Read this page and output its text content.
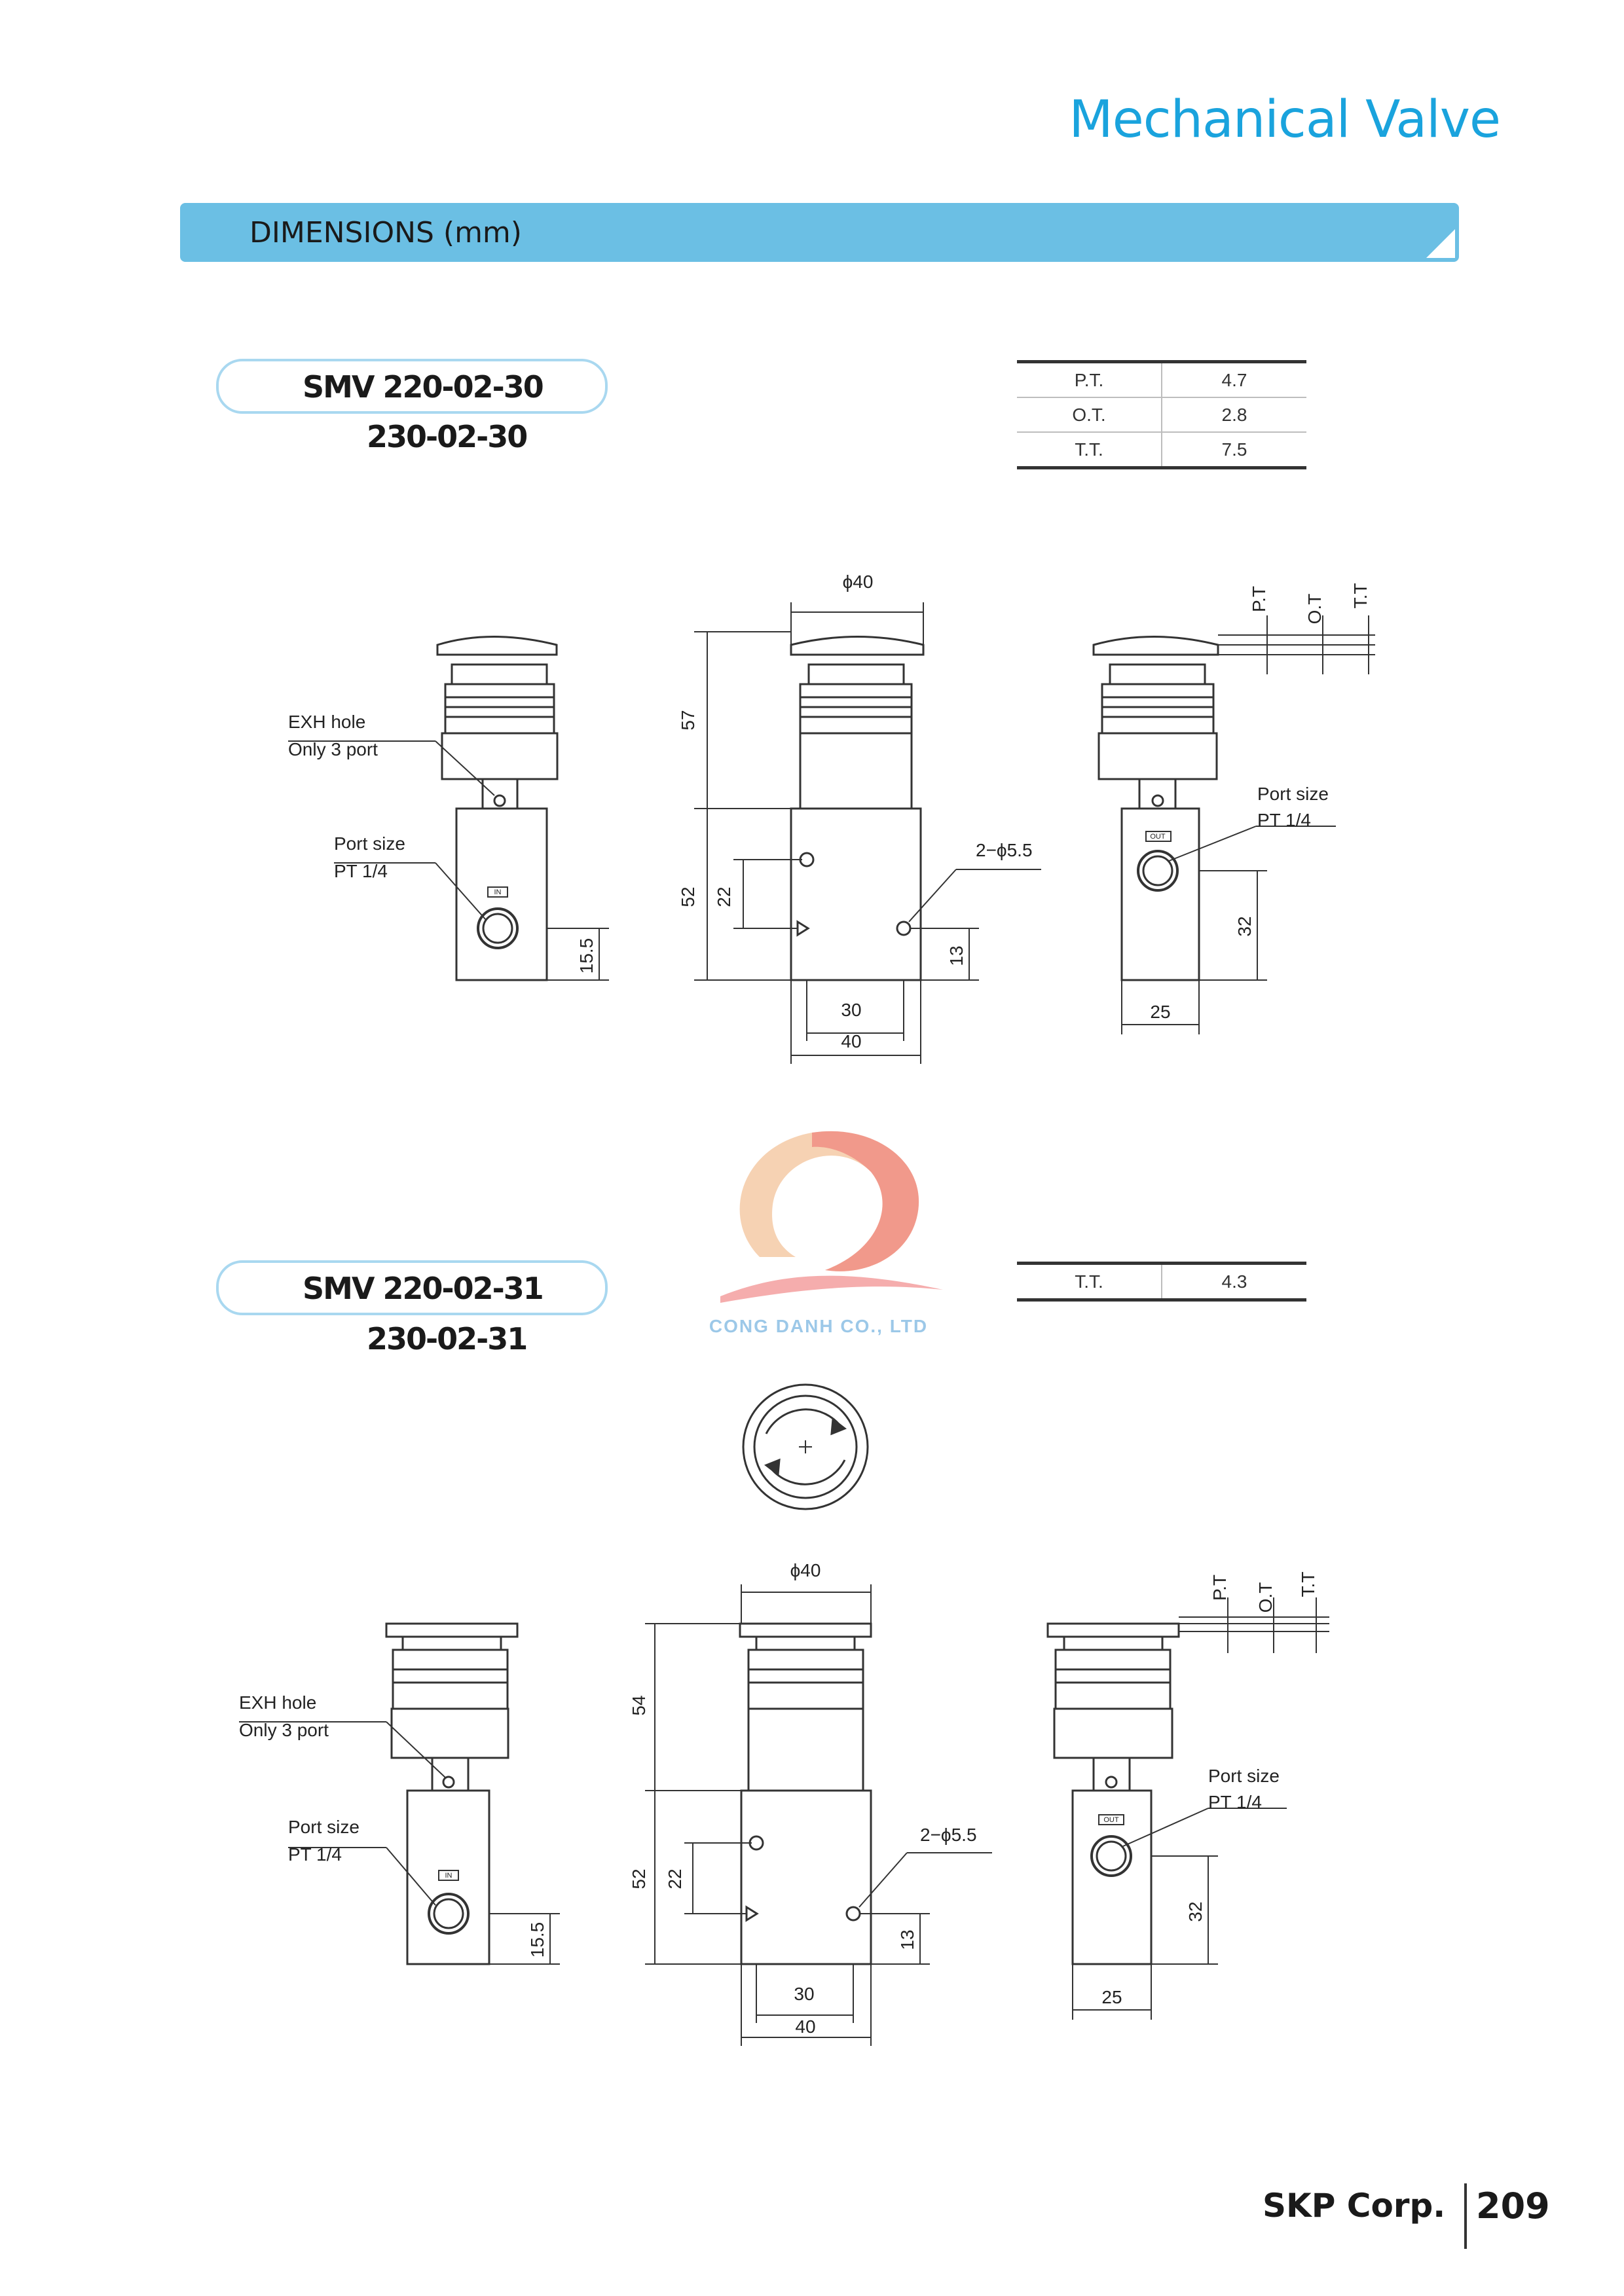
Mechanical Valve
DIMENSIONS (mm)
SMV 220-02-30
230-02-30
P.T.	4.7
O.T.	2.8
T.T.	7.5
SMV 220-02-31
230-02-31
T.T.	4.3
CONG DANH CO., LTD
EXH hole
Only 3 port
Port size
PT 1/4
IN
ϕ40
2−ϕ5.5
30
40
25
Port size
PT 1/4
OUT
57
52 22
13
15.5
32
P.T O.T T.T
EXH hole
Only 3 port
Port size
PT 1/4
IN
ϕ40
2−ϕ5.5
30
40
25
Port size
PT 1/4
OUT
54
52 22
13
15.5
32
P.T O.T T.T
SKP Corp. 209
